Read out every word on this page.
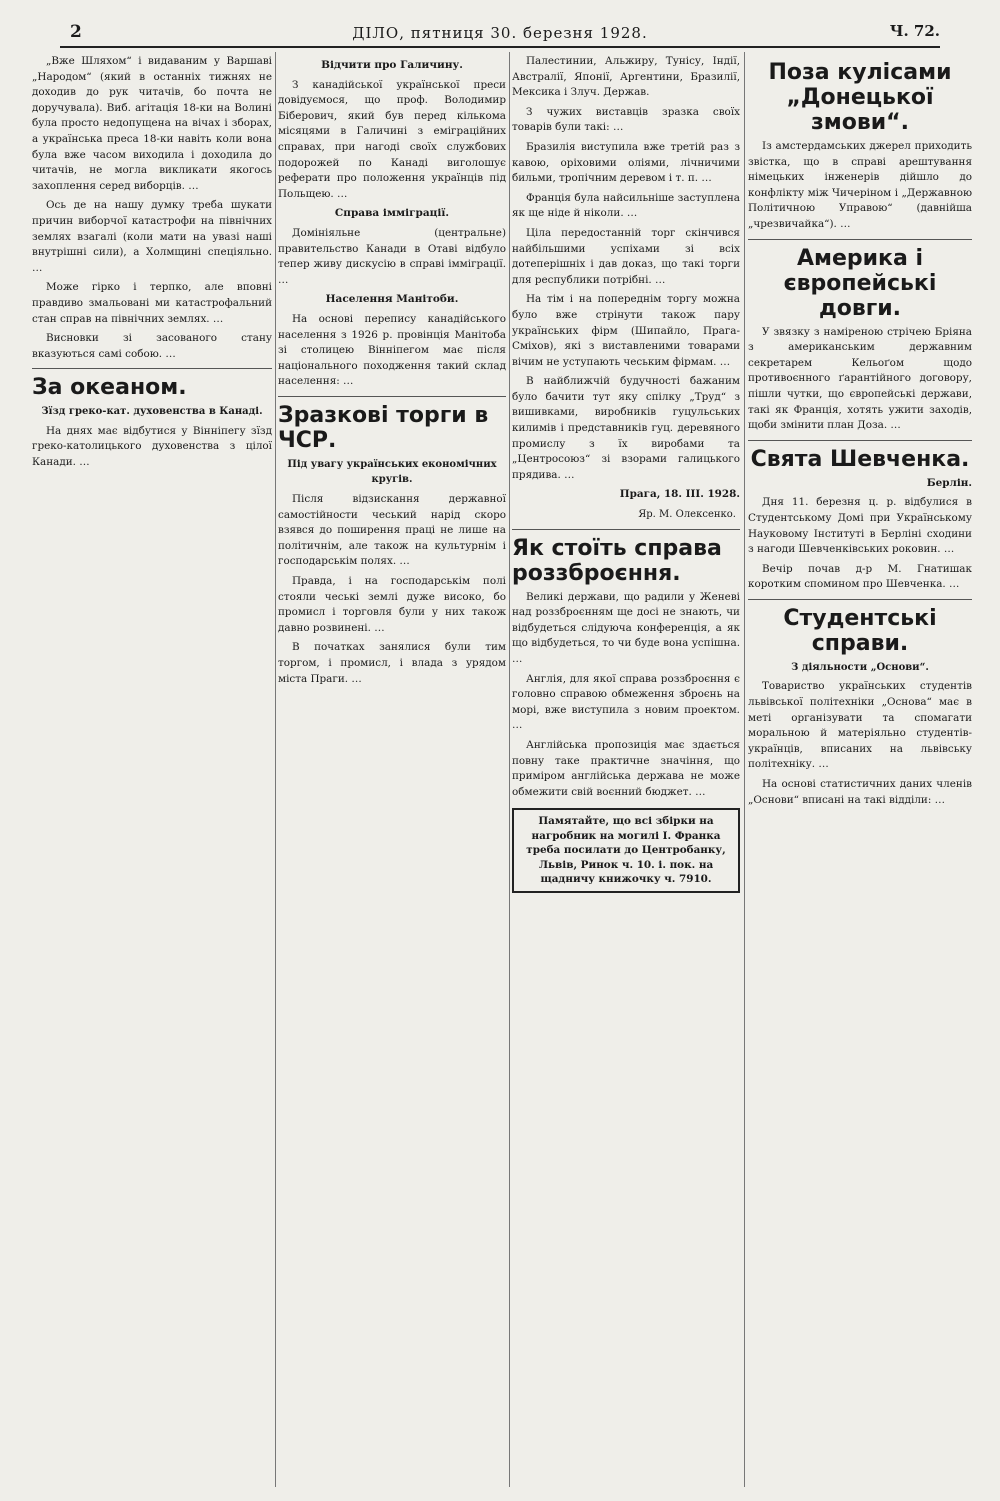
2	ДІЛО, пятниця 30. березня 1928.	Ч. 72.

„Вже Шляхом“ і видаваним у Варшаві „Народом“ (який в останніх тижнях не доходив до рук читачів, бо почта не доручувала). Виб. агітація 18-ки на Волині була просто недопущена на вічах і зборах, а українська преса 18-ки навіть коли вона була вже часом виходила і доходила до читачів, не могла викликати якогось захоплення серед виборців. …

Ось де на нашу думку треба шукати причин виборчої катастрофи на північних землях взагалі (коли мати на увазі наші внутрішні сили), а Холмщині спеціяльно. …

Може гірко і терпко, але вповні правдиво змальовані ми катастрофальний стан справ на північних землях. …

Висновки зі засованого стану вказуються самі собою. …

За океаном.
Зїзд греко-кат. духовенства в Канаді.

На днях має відбутися у Вінніпегу зїзд греко-католицького духовенства з цілої Канади. …

Відчити про Галичину.

З канадійської української преси довідуємося, що проф. Володимир Біберович, який був перед кількома місяцями в Галичині з еміграційних справах, при нагоді своїх службових подорожей по Канаді виголошує реферати про положення українців під Польщею. …

Справа імміграції.

Домініяльне (центральне) правительство Канади в Отаві відбуло тепер живу дискусію в справі імміграції. …

Населення Манітоби.

На основі перепису канадійського населення з 1926 р. провінція Манітоба зі столицею Вінніпегом має після національного походження такий склад населення: …

Зразкові торги в ЧСР.
Під увагу українських економічних кругів.

Після відзискання державної самостійности чеський нарід скоро взявся до поширення праці не лише на політичнім, але також на культурнім і господарськім полях. …

Правда, і на господарськім полі стояли чеські землі дуже високо, бо промисл і торговля були у них також давно розвинені. …

В початках занялися були тим торгом, і промисл, і влада з урядом міста Праги. …

Палестинии, Альжиру, Тунісу, Індії, Австралії, Японії, Аргентини, Бразилії, Мексика і Злуч. Держав.

З чужих виставців зразка своїх товарів були такі: …

Бразилія виступила вже третій раз з кавою, оріховими оліями, лічничими бильми, тропічним деревом і т. п. …

Франція була найсильніше заступлена як ще ніде й ніколи. …

Ціла передостанній торг скінчився найбільшими успіхами зі всіх дотеперішніх і дав доказ, що такі торги для республики потрібні. …

На тім і на попереднім торгу можна було вже стрінути також пару українських фірм (Шипайло, Прага-Сміхов), які з виставленими товарами вічим не уступають чеським фірмам. …

В найближчій будучності бажаним було бачити тут яку спілку „Труд“ з вишивками, виробників гуцульських килимів і представників гуц. деревяного промислу з їх виробами та „Центросоюз“ зі взорами галицького прядива. …

Прага, 18. III. 1928.
Яр. М. Олексенко.
Як стоїть справа роззброєння.

Великі держави, що радили у Женеві над роззброєнням ще досі не знають, чи відбудеться слідуюча конференція, а як що відбудеться, то чи буде вона успішна. …

Англія, для якої справа роззброєння є головно справою обмеження зброєнь на морі, вже виступила з новим проектом. …

Англійська пропозиція має здається повну таке практичне значіння, що приміром англійська держава не може обмежити свій воєнний бюджет. …

Памятайте, що всі збірки на нагробник на могилі І. Франка треба посилати до Центробанку, Львів, Ринок ч. 10. і. пок. на щадничу книжочку ч. 7910.
Поза кулісами „Донецької змови“.

Із амстердамських джерел приходить звістка, що в справі арештування німецьких інженерів дійшло до конфлікту між Чичеріном і „Державною Політичною Управою“ (давнійша „чрезвичайка“). …

Америка і європейські довги.

У звязку з наміреною стрічею Бріяна з американським державним секретарем Кельоґом щодо противоєнного ґарантійного договору, пішли чутки, що європейські держави, такі як Франція, хотять ужити заходів, щоби змінити план Доза. …

Свята Шевченка.
Берлін.

Дня 11. березня ц. р. відбулися в Студентському Домі при Українському Науковому Інституті в Берліні сходини з нагоди Шевченківських роковин. …

Вечір почав д-р М. Гнатишак коротким спомином про Шевченка. …

Студентські справи.
З діяльности „Основи“.

Товариство українських студентів львівської політехніки „Основа“ має в меті організувати та спомагати моральною й матеріяльно студентів-українців, вписаних на львівську політехніку. …

На основі статистичних даних членів „Основи“ вписані на такі відділи: …
